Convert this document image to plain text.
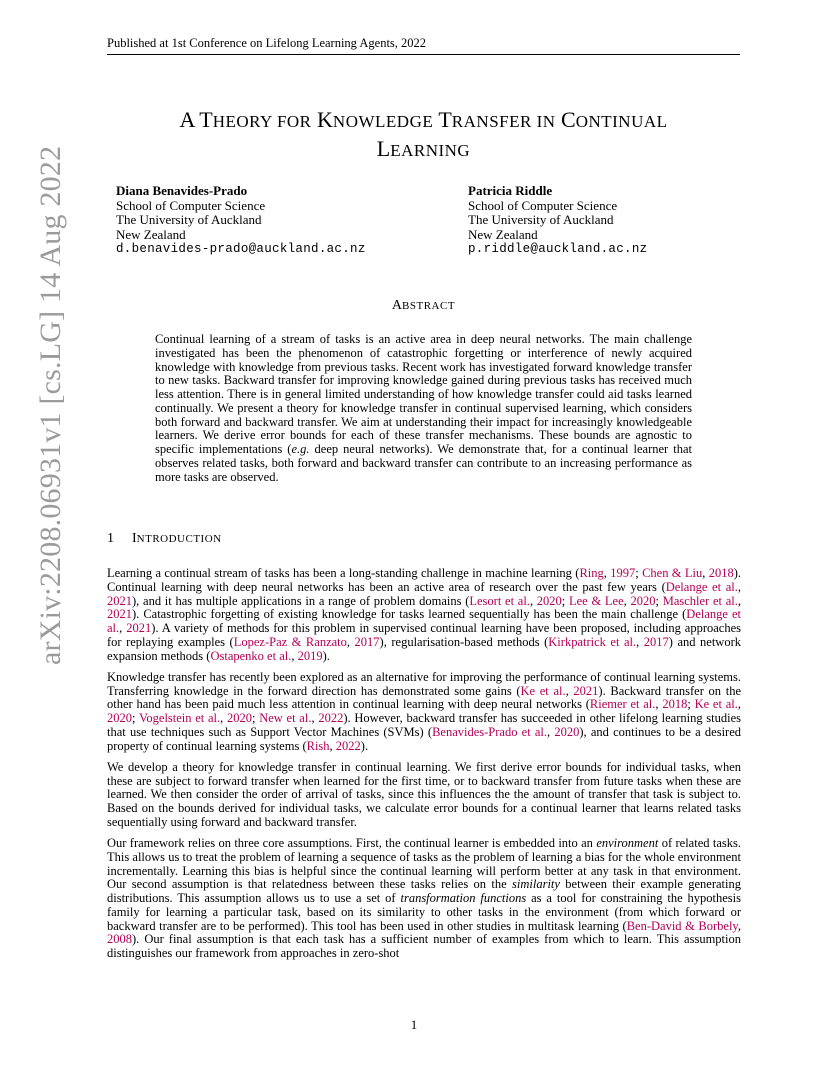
Published at 1st Conference on Lifelong Learning Agents, 2022
arXiv:2208.06931v1 [cs.LG] 14 Aug 2022
A THEORY FOR KNOWLEDGE TRANSFER IN CONTINUAL
LEARNING
Diana Benavides-Prado
School of Computer Science
The University of Auckland
New Zealand
d.benavides-prado@auckland.ac.nz
Patricia Riddle
School of Computer Science
The University of Auckland
New Zealand
p.riddle@auckland.ac.nz
ABSTRACT
Continual learning of a stream of tasks is an active area in deep neural networks. The main challenge investigated has been the phenomenon of catastrophic forgetting or interference of newly acquired knowledge with knowledge from previous tasks. Recent work has investigated forward knowledge transfer to new tasks. Backward transfer for improving knowledge gained during previous tasks has received much less attention. There is in general limited understanding of how knowledge transfer could aid tasks learned continually. We present a theory for knowledge transfer in continual supervised learning, which considers both forward and backward transfer. We aim at understanding their impact for increasingly knowledgeable learners. We derive error bounds for each of these transfer mechanisms. These bounds are agnostic to specific implementations (e.g. deep neural networks). We demonstrate that, for a continual learner that observes related tasks, both forward and backward transfer can contribute to an increasing performance as more tasks are observed.
1 INTRODUCTION

Learning a continual stream of tasks has been a long-standing challenge in machine learning (Ring, 1997; Chen & Liu, 2018). Continual learning with deep neural networks has been an active area of research over the past few years (Delange et al., 2021), and it has multiple applications in a range of problem domains (Lesort et al., 2020; Lee & Lee, 2020; Maschler et al., 2021). Catastrophic forgetting of existing knowledge for tasks learned sequentially has been the main challenge (Delange et al., 2021). A variety of methods for this problem in supervised continual learning have been proposed, including approaches for replaying examples (Lopez-Paz & Ranzato, 2017), regularisation-based methods (Kirkpatrick et al., 2017) and network expansion methods (Ostapenko et al., 2019).

Knowledge transfer has recently been explored as an alternative for improving the performance of continual learning systems. Transferring knowledge in the forward direction has demonstrated some gains (Ke et al., 2021). Backward transfer on the other hand has been paid much less attention in continual learning with deep neural networks (Riemer et al., 2018; Ke et al., 2020; Vogelstein et al., 2020; New et al., 2022). However, backward transfer has succeeded in other lifelong learning studies that use techniques such as Support Vector Machines (SVMs) (Benavides-Prado et al., 2020), and continues to be a desired property of continual learning systems (Rish, 2022).

We develop a theory for knowledge transfer in continual learning. We first derive error bounds for individual tasks, when these are subject to forward transfer when learned for the first time, or to backward transfer from future tasks when these are learned. We then consider the order of arrival of tasks, since this influences the the amount of transfer that task is subject to. Based on the bounds derived for individual tasks, we calculate error bounds for a continual learner that learns related tasks sequentially using forward and backward transfer.

Our framework relies on three core assumptions. First, the continual learner is embedded into an environment of related tasks. This allows us to treat the problem of learning a sequence of tasks as the problem of learning a bias for the whole environment incrementally. Learning this bias is helpful since the continual learning will perform better at any task in that environment. Our second assumption is that relatedness between these tasks relies on the similarity between their example generating distributions. This assumption allows us to use a set of transformation functions as a tool for constraining the hypothesis family for learning a particular task, based on its similarity to other tasks in the environment (from which forward or backward transfer are to be performed). This tool has been used in other studies in multitask learning (Ben-David & Borbely, 2008). Our final assumption is that each task has a sufficient number of examples from which to learn. This assumption distinguishes our framework from approaches in zero-shot

1
